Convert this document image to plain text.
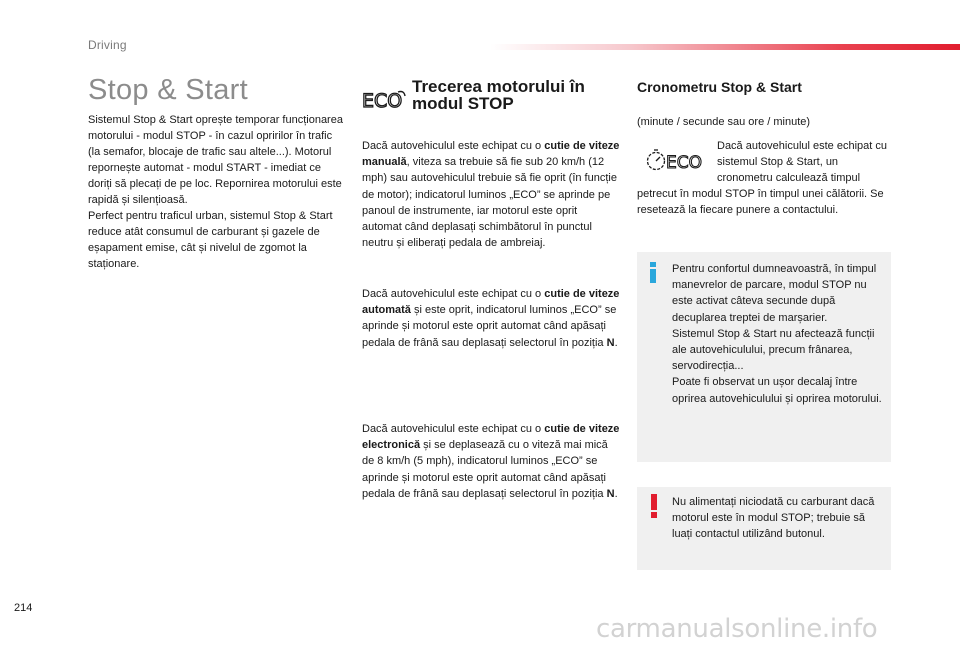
Driving
Stop & Start

Sistemul Stop & Start oprește temporar funcționarea motorului - modul STOP - în cazul opririlor în trafic (la semafor, blocaje de trafic sau altele...). Motorul repornește automat - modul START - imediat ce doriți să plecați de pe loc. Repornirea motorului este rapidă și silențioasă.
Perfect pentru traficul urban, sistemul Stop & Start reduce atât consumul de carburant și gazele de eșapament emise, cât și nivelul de zgomot la staționare.

ECO
Trecerea motorului în modul STOP

Dacă autovehiculul este echipat cu o cutie de viteze manuală, viteza sa trebuie să fie sub 20 km/h (12 mph) sau autovehiculul trebuie să fie oprit (în funcție de motor); indicatorul luminos „ECO” se aprinde pe panoul de instrumente, iar motorul este oprit automat când deplasați schimbătorul în punctul neutru și eliberați pedala de ambreiaj.

Dacă autovehiculul este echipat cu o cutie de viteze automată și este oprit, indicatorul luminos „ECO” se aprinde și motorul este oprit automat când apăsați pedala de frână sau deplasați selectorul în poziția N.

Dacă autovehiculul este echipat cu o cutie de viteze electronică și se deplasează cu o viteză mai mică de 8 km/h (5 mph), indicatorul luminos „ECO” se aprinde și motorul este oprit automat când apăsați pedala de frână sau deplasați selectorul în poziția N.

Cronometru Stop & Start
(minute / secunde sau ore / minute)
ECO
Dacă autovehiculul este echipat cu sistemul Stop & Start, un cronometru calculează timpul
petrecut în modul STOP în timpul unei călătorii. Se resetează la fiecare punere a contactului.
Pentru confortul dumneavoastră, în timpul manevrelor de parcare, modul STOP nu este activat câteva secunde după decuplarea treptei de marșarier.
Sistemul Stop & Start nu afectează funcții ale autovehiculului, precum frânarea, servodirecția...
Poate fi observat un ușor decalaj între oprirea autovehiculului și oprirea motorului.
Nu alimentați niciodată cu carburant dacă motorul este în modul STOP; trebuie să luați contactul utilizând butonul.
214
carmanualsonline.info
